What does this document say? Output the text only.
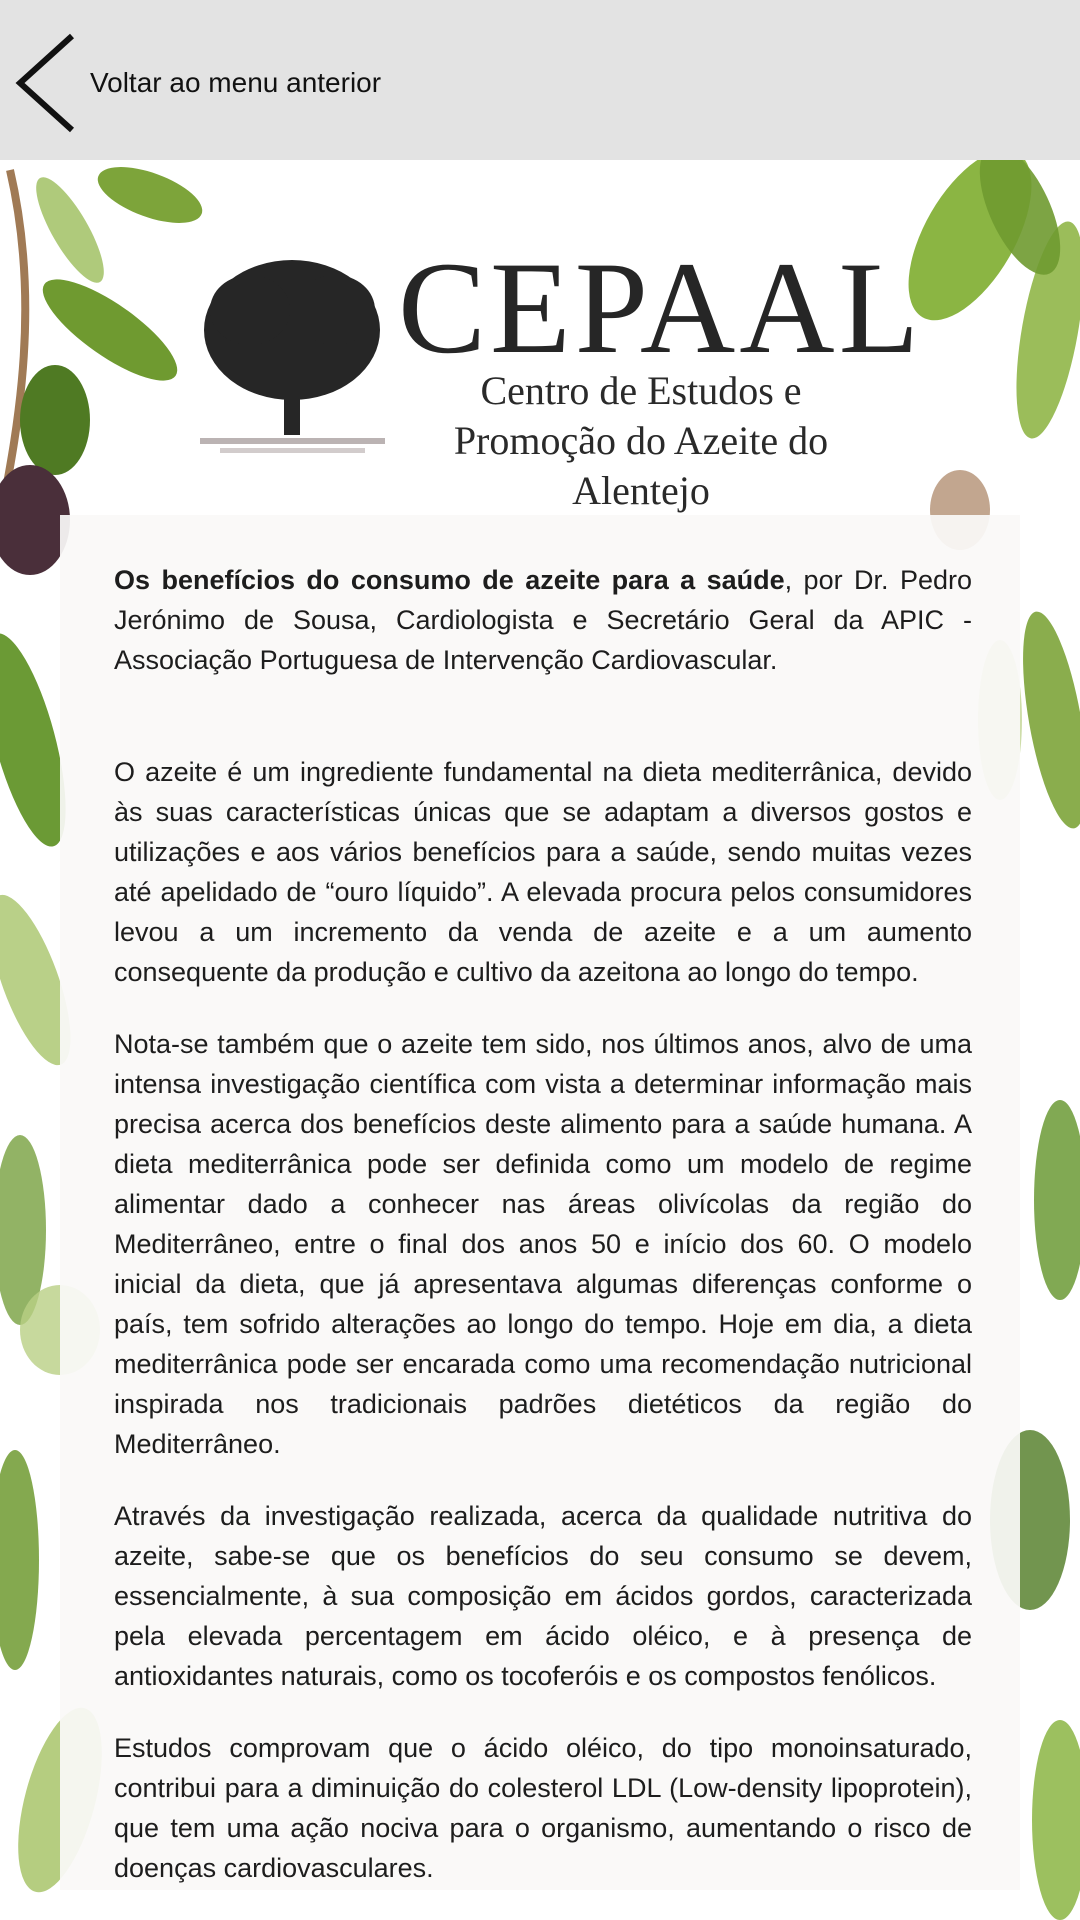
Voltar ao menu anterior
CEPAAL
Centro de Estudos e
Promoção do Azeite do Alentejo

Os benefícios do consumo de azeite para a saúde, por Dr. Pedro Jerónimo de Sousa, Cardiologista e Secretário Geral da APIC - Associação Portuguesa de Intervenção Cardiovascular.

O azeite é um ingrediente fundamental na dieta mediterrânica, devido às suas características únicas que se adaptam a diversos gostos e utilizações e aos vários benefícios para a saúde, sendo muitas vezes até apelidado de “ouro líquido”. A elevada procura pelos consumidores levou a um incremento da venda de azeite e a um aumento consequente da produção e cultivo da azeitona ao longo do tempo.

Nota-se também que o azeite tem sido, nos últimos anos, alvo de uma intensa investigação científica com vista a determinar informação mais precisa acerca dos benefícios deste alimento para a saúde humana. A dieta mediterrânica pode ser definida como um modelo de regime alimentar dado a conhecer nas áreas olivícolas da região do Mediterrâneo, entre o final dos anos 50 e início dos 60. O modelo inicial da dieta, que já apresentava algumas diferenças conforme o país, tem sofrido alterações ao longo do tempo. Hoje em dia, a dieta mediterrânica pode ser encarada como uma recomendação nutricional inspirada nos tradicionais padrões dietéticos da região do Mediterrâneo.

Através da investigação realizada, acerca da qualidade nutritiva do azeite, sabe-se que os benefícios do seu consumo se devem, essencialmente, à sua composição em ácidos gordos, caracterizada pela elevada percentagem em ácido oléico, e à presença de antioxidantes naturais, como os tocoferóis e os compostos fenólicos.

Estudos comprovam que o ácido oléico, do tipo monoinsaturado, contribui para a diminuição do colesterol LDL (Low-density lipoprotein), que tem uma ação nociva para o organismo, aumentando o risco de doenças cardiovasculares.
